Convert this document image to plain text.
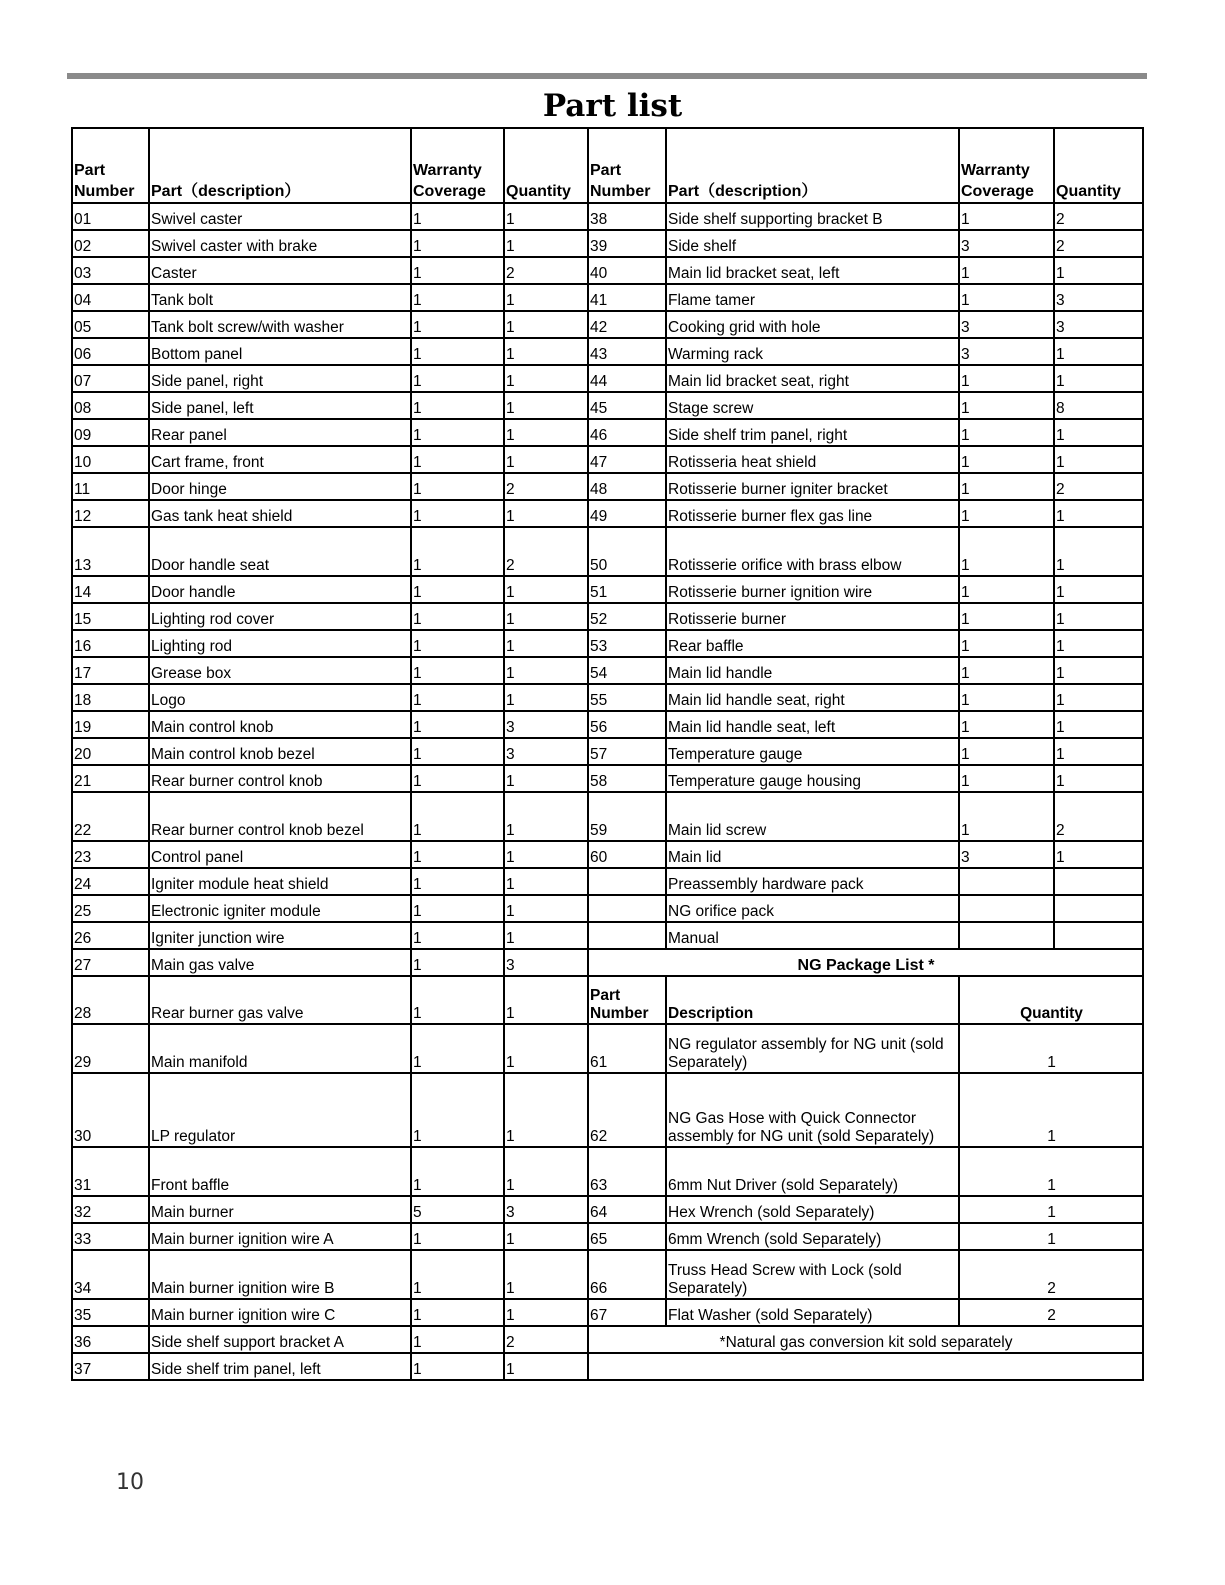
Part list
Part
Number	Part（description）	Warranty
Coverage	Quantity	Part
Number	Part（description）	Warranty
Coverage	Quantity
01	Swivel caster	1	1	38	Side shelf supporting bracket B	1	2
02	Swivel caster with brake	1	1	39	Side shelf	3	2
03	Caster	1	2	40	Main lid bracket seat, left	1	1
04	Tank bolt	1	1	41	Flame tamer	1	3
05	Tank bolt screw/with washer	1	1	42	Cooking grid with hole	3	3
06	Bottom panel	1	1	43	Warming rack	3	1
07	Side panel, right	1	1	44	Main lid bracket seat, right	1	1
08	Side panel, left	1	1	45	Stage screw	1	8
09	Rear panel	1	1	46	Side shelf trim panel, right	1	1
10	Cart frame, front	1	1	47	Rotisseria heat shield	1	1
11	Door hinge	1	2	48	Rotisserie burner igniter bracket	1	2
12	Gas tank heat shield	1	1	49	Rotisserie burner flex gas line	1	1
13	Door handle seat	1	2	50	Rotisserie orifice with brass elbow	1	1
14	Door handle	1	1	51	Rotisserie burner ignition wire	1	1
15	Lighting rod cover	1	1	52	Rotisserie burner	1	1
16	Lighting rod	1	1	53	Rear baffle	1	1
17	Grease box	1	1	54	Main lid handle	1	1
18	Logo	1	1	55	Main lid handle seat, right	1	1
19	Main control knob	1	3	56	Main lid handle seat, left	1	1
20	Main control knob bezel	1	3	57	Temperature gauge	1	1
21	Rear burner control knob	1	1	58	Temperature gauge housing	1	1
22	Rear burner control knob bezel	1	1	59	Main lid screw	1	2
23	Control panel	1	1	60	Main lid	3	1
24	Igniter module heat shield	1	1		Preassembly hardware pack		
25	Electronic igniter module	1	1		NG orifice pack		
26	Igniter junction wire	1	1		Manual		
27	Main gas valve	1	3	NG Package List *			
28	Rear burner gas valve	1	1	Part
Number	Description	Quantity	
29	Main manifold	1	1	61	NG regulator assembly for NG unit (sold Separately)	1	
30	LP regulator	1	1	62	NG Gas Hose with Quick Connector assembly for NG unit (sold Separately)	1	
31	Front baffle	1	1	63	6mm Nut Driver (sold Separately)	1	
32	Main burner	5	3	64	Hex Wrench (sold Separately)	1	
33	Main burner ignition wire A	1	1	65	6mm Wrench (sold Separately)	1	
34	Main burner ignition wire B	1	1	66	Truss Head Screw with Lock (sold Separately)	2	
35	Main burner ignition wire C	1	1	67	Flat Washer (sold Separately)	2	
36	Side shelf support bracket A	1	2	*Natural gas conversion kit sold separately			
37	Side shelf trim panel, left	1	1				
10
